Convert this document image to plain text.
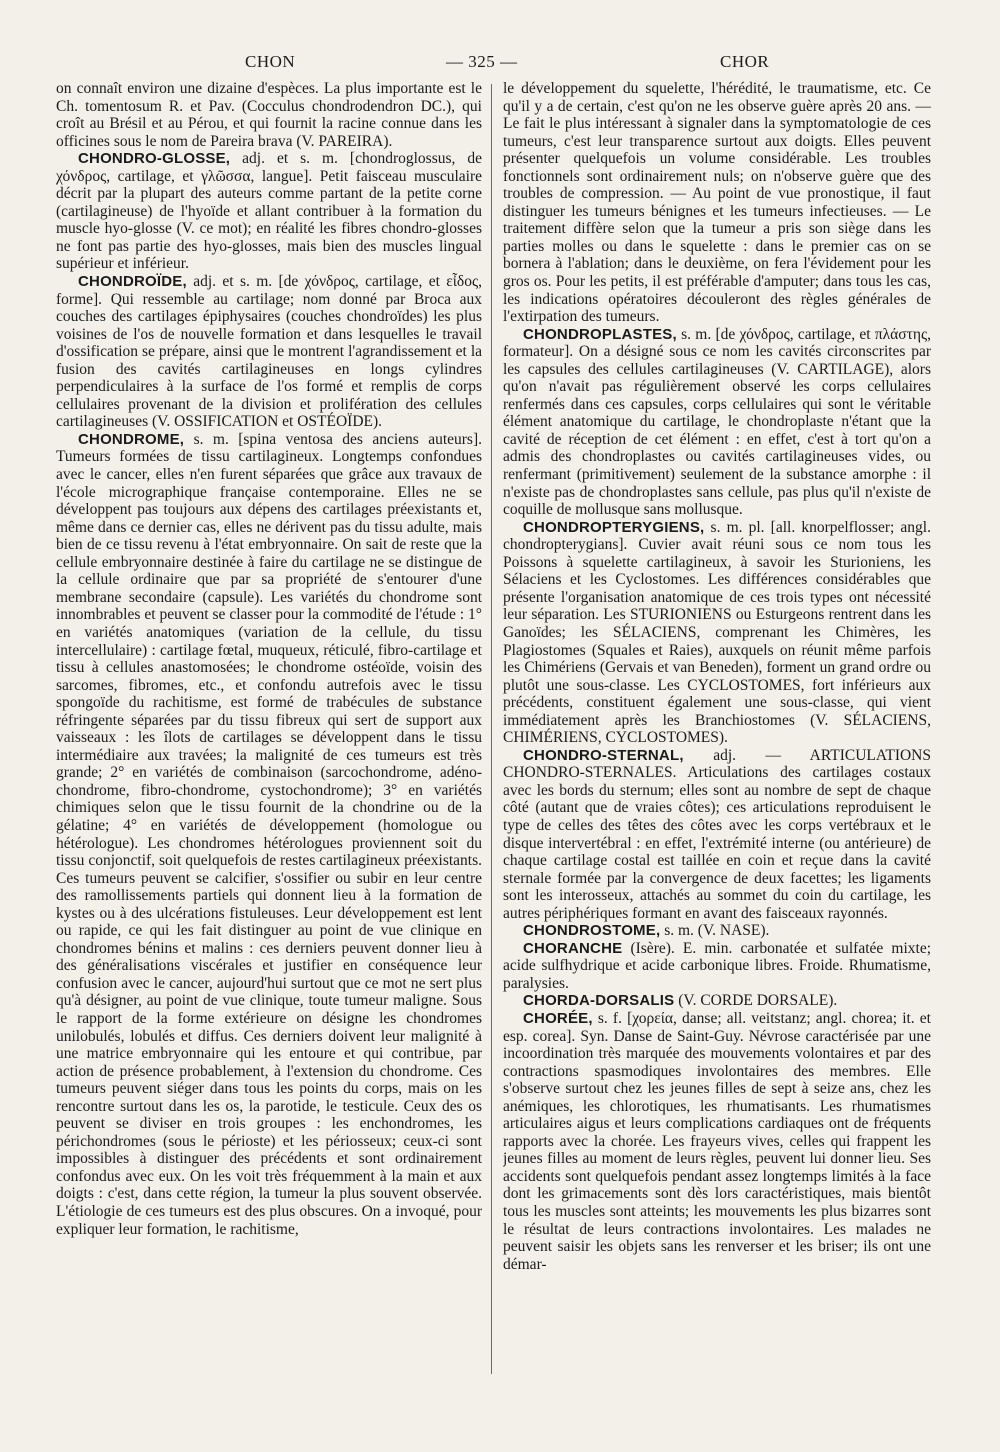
CHON	— 325 —	CHOR

on connaît environ une dizaine d'espèces. La plus importante est le Ch. tomentosum R. et Pav. (Cocculus chondrodendron DC.), qui croît au Brésil et au Pérou, et qui fournit la racine connue dans les officines sous le nom de Pareira brava (V. PAREIRA).

CHONDRO-GLOSSE, adj. et s. m. [chondroglossus, de χόνδρος, cartilage, et γλῶσσα, langue]. Petit faisceau musculaire décrit par la plupart des auteurs comme partant de la petite corne (cartilagineuse) de l'hyoïde et allant contribuer à la formation du muscle hyo-glosse (V. ce mot); en réalité les fibres chondro-glosses ne font pas partie des hyo-glosses, mais bien des muscles lingual supérieur et inférieur.

CHONDROÏDE, adj. et s. m. [de χόνδρος, cartilage, et εἶδος, forme]. Qui ressemble au cartilage; nom donné par Broca aux couches des cartilages épiphysaires (couches chondroïdes) les plus voisines de l'os de nouvelle formation et dans lesquelles le travail d'ossification se prépare, ainsi que le montrent l'agrandissement et la fusion des cavités cartilagineuses en longs cylindres perpendiculaires à la surface de l'os formé et remplis de corps cellulaires provenant de la division et prolifération des cellules cartilagineuses (V. OSSIFICATION et OSTÉOÏDE).

CHONDROME, s. m. [spina ventosa des anciens auteurs]. Tumeurs formées de tissu cartilagineux. Longtemps confondues avec le cancer, elles n'en furent séparées que grâce aux travaux de l'école micrographique française contemporaine. Elles ne se développent pas toujours aux dépens des cartilages préexistants et, même dans ce dernier cas, elles ne dérivent pas du tissu adulte, mais bien de ce tissu revenu à l'état embryonnaire. On sait de reste que la cellule embryonnaire destinée à faire du cartilage ne se distingue de la cellule ordinaire que par sa propriété de s'entourer d'une membrane secondaire (capsule). Les variétés du chondrome sont innombrables et peuvent se classer pour la commodité de l'étude : 1° en variétés anatomiques (variation de la cellule, du tissu intercellulaire) : cartilage fœtal, muqueux, réticulé, fibro-cartilage et tissu à cellules anastomosées; le chondrome ostéoïde, voisin des sarcomes, fibromes, etc., et confondu autrefois avec le tissu spongoïde du rachitisme, est formé de trabécules de substance réfringente séparées par du tissu fibreux qui sert de support aux vaisseaux : les îlots de cartilages se développent dans le tissu intermédiaire aux travées; la malignité de ces tumeurs est très grande; 2° en variétés de combinaison (sarcochondrome, adéno-chondrome, fibro-chondrome, cystochondrome); 3° en variétés chimiques selon que le tissu fournit de la chondrine ou de la gélatine; 4° en variétés de développement (homologue ou hétérologue). Les chondromes hétérologues proviennent soit du tissu conjonctif, soit quelquefois de restes cartilagineux préexistants. Ces tumeurs peuvent se calcifier, s'ossifier ou subir en leur centre des ramollissements partiels qui donnent lieu à la formation de kystes ou à des ulcérations fistuleuses. Leur développement est lent ou rapide, ce qui les fait distinguer au point de vue clinique en chondromes bénins et malins : ces derniers peuvent donner lieu à des généralisations viscérales et justifier en conséquence leur confusion avec le cancer, aujourd'hui surtout que ce mot ne sert plus qu'à désigner, au point de vue clinique, toute tumeur maligne. Sous le rapport de la forme extérieure on désigne les chondromes unilobulés, lobulés et diffus. Ces derniers doivent leur malignité à une matrice embryonnaire qui les entoure et qui contribue, par action de présence probablement, à l'extension du chondrome. Ces tumeurs peuvent siéger dans tous les points du corps, mais on les rencontre surtout dans les os, la parotide, le testicule. Ceux des os peuvent se diviser en trois groupes : les enchondromes, les périchondromes (sous le périoste) et les périosseux; ceux-ci sont impossibles à distinguer des précédents et sont ordinairement confondus avec eux. On les voit très fréquemment à la main et aux doigts : c'est, dans cette région, la tumeur la plus souvent observée. L'étiologie de ces tumeurs est des plus obscures. On a invoqué, pour expliquer leur formation, le rachitisme,

le développement du squelette, l'hérédité, le traumatisme, etc. Ce qu'il y a de certain, c'est qu'on ne les observe guère après 20 ans. — Le fait le plus intéressant à signaler dans la symptomatologie de ces tumeurs, c'est leur transparence surtout aux doigts. Elles peuvent présenter quelquefois un volume considérable. Les troubles fonctionnels sont ordinairement nuls; on n'observe guère que des troubles de compression. — Au point de vue pronostique, il faut distinguer les tumeurs bénignes et les tumeurs infectieuses. — Le traitement diffère selon que la tumeur a pris son siège dans les parties molles ou dans le squelette : dans le premier cas on se bornera à l'ablation; dans le deuxième, on fera l'évidement pour les gros os. Pour les petits, il est préférable d'amputer; dans tous les cas, les indications opératoires découleront des règles générales de l'extirpation des tumeurs.

CHONDROPLASTES, s. m. [de χόνδρος, cartilage, et πλάστης, formateur]. On a désigné sous ce nom les cavités circonscrites par les capsules des cellules cartilagineuses (V. CARTILAGE), alors qu'on n'avait pas régulièrement observé les corps cellulaires renfermés dans ces capsules, corps cellulaires qui sont le véritable élément anatomique du cartilage, le chondroplaste n'étant que la cavité de réception de cet élément : en effet, c'est à tort qu'on a admis des chondroplastes ou cavités cartilagineuses vides, ou renfermant (primitivement) seulement de la substance amorphe : il n'existe pas de chondroplastes sans cellule, pas plus qu'il n'existe de coquille de mollusque sans mollusque.

CHONDROPTERYGIENS, s. m. pl. [all. knorpelflosser; angl. chondropterygians]. Cuvier avait réuni sous ce nom tous les Poissons à squelette cartilagineux, à savoir les Sturioniens, les Sélaciens et les Cyclostomes. Les différences considérables que présente l'organisation anatomique de ces trois types ont nécessité leur séparation. Les STURIONIENS ou Esturgeons rentrent dans les Ganoïdes; les SÉLACIENS, comprenant les Chimères, les Plagiostomes (Squales et Raies), auxquels on réunit même parfois les Chimériens (Gervais et van Beneden), forment un grand ordre ou plutôt une sous-classe. Les CYCLOSTOMES, fort inférieurs aux précédents, constituent également une sous-classe, qui vient immédiatement après les Branchiostomes (V. SÉLACIENS, CHIMÉRIENS, CYCLOSTOMES).

CHONDRO-STERNAL, adj. — ARTICULATIONS CHONDRO-STERNALES. Articulations des cartilages costaux avec les bords du sternum; elles sont au nombre de sept de chaque côté (autant que de vraies côtes); ces articulations reproduisent le type de celles des têtes des côtes avec les corps vertébraux et le disque intervertébral : en effet, l'extrémité interne (ou antérieure) de chaque cartilage costal est taillée en coin et reçue dans la cavité sternale formée par la convergence de deux facettes; les ligaments sont les interosseux, attachés au sommet du coin du cartilage, les autres périphériques formant en avant des faisceaux rayonnés.

CHONDROSTOME, s. m. (V. NASE).

CHORANCHE (Isère). E. min. carbonatée et sulfatée mixte; acide sulfhydrique et acide carbonique libres. Froide. Rhumatisme, paralysies.

CHORDA-DORSALIS (V. CORDE DORSALE).

CHORÉE, s. f. [χορεία, danse; all. veitstanz; angl. chorea; it. et esp. corea]. Syn. Danse de Saint-Guy. Névrose caractérisée par une incoordination très marquée des mouvements volontaires et par des contractions spasmodiques involontaires des membres. Elle s'observe surtout chez les jeunes filles de sept à seize ans, chez les anémiques, les chlorotiques, les rhumatisants. Les rhumatismes articulaires aigus et leurs complications cardiaques ont de fréquents rapports avec la chorée. Les frayeurs vives, celles qui frappent les jeunes filles au moment de leurs règles, peuvent lui donner lieu. Ses accidents sont quelquefois pendant assez longtemps limités à la face dont les grimacements sont dès lors caractéristiques, mais bientôt tous les muscles sont atteints; les mouvements les plus bizarres sont le résultat de leurs contractions involontaires. Les malades ne peuvent saisir les objets sans les renverser et les briser; ils ont une démar-
